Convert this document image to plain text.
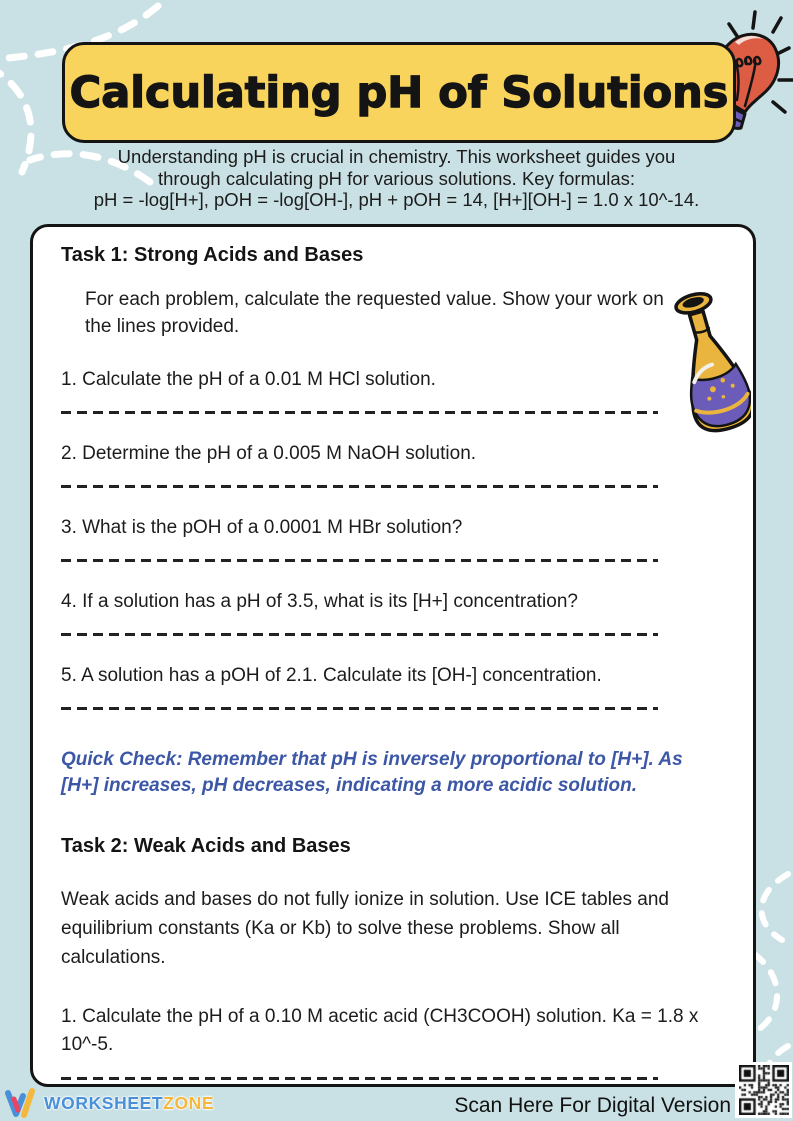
Calculating pH of Solutions
Understanding pH is crucial in chemistry. This worksheet guides you
through calculating pH for various solutions. Key formulas:
pH = -log[H+], pOH = -log[OH-], pH + pOH = 14, [H+][OH-] = 1.0 x 10^-14.
Task 1: Strong Acids and Bases

For each problem, calculate the requested value. Show your work on the lines provided.

1. Calculate the pH of a 0.01 M HCl solution.
2. Determine the pH of a 0.005 M NaOH solution.
3. What is the pOH of a 0.0001 M HBr solution?
4. If a solution has a pH of 3.5, what is its [H+] concentration?
5. A solution has a pOH of 2.1. Calculate its [OH-] concentration.

Quick Check: Remember that pH is inversely proportional to [H+]. As [H+] increases, pH decreases, indicating a more acidic solution.

Task 2: Weak Acids and Bases

Weak acids and bases do not fully ionize in solution. Use ICE tables and equilibrium constants (Ka or Kb) to solve these problems. Show all calculations.

1. Calculate the pH of a 0.10 M acetic acid (CH3COOH) solution. Ka = 1.8 x 10^-5.
WORKSHEETZONE	Scan Here For Digital Version
